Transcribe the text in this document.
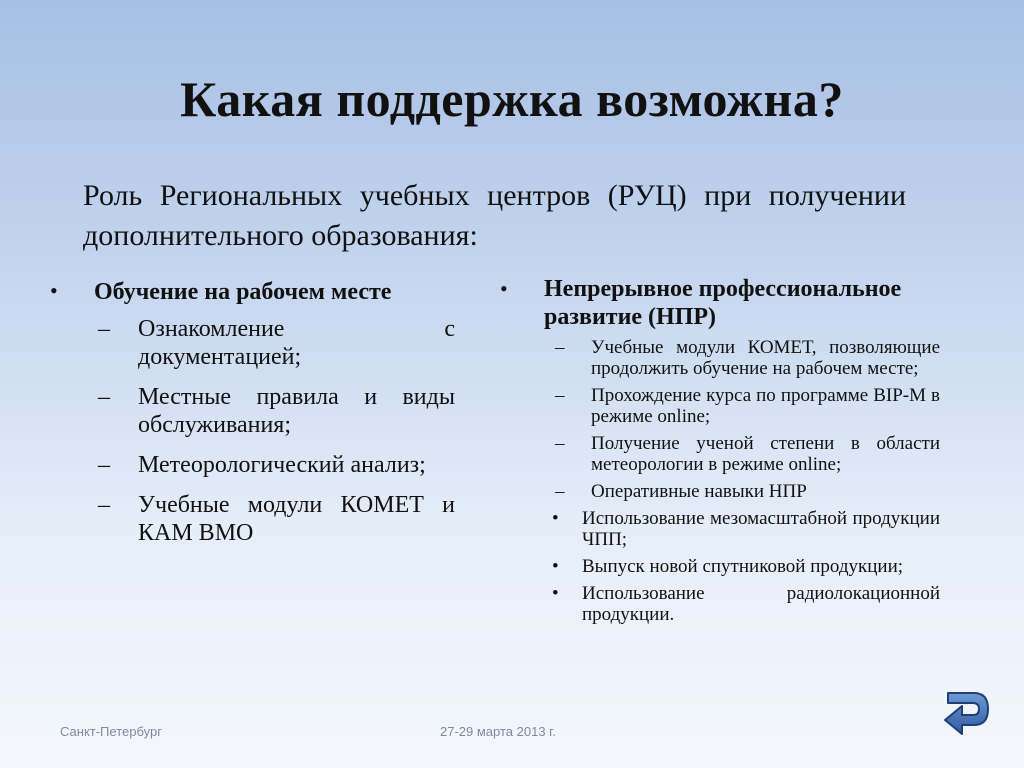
Какая поддержка возможна?
Роль Региональных учебных центров (РУЦ) при получении дополнительного образования:
•	Обучение на рабочем месте
–	Ознакомление с документацией;
–	Местные правила и виды обслуживания;
–	Метеорологический анализ;
–	Учебные модули КОМЕТ и КАМ ВМО
•	Непрерывное профессиональное развитие (НПР)
–	Учебные модули КОМЕТ, позволяющие продолжить обучение на рабочем месте;
–	Прохождение курса по программе BIP-M в режиме online;
–	Получение ученой степени в области метеорологии в режиме online;
–	Оперативные навыки НПР
•	Использование мезомасштабной продукции ЧПП;
•	Выпуск новой спутниковой продукции;
•	Использование радиолокационной продукции.
Санкт-Петербург	27-29 марта 2013 г.
